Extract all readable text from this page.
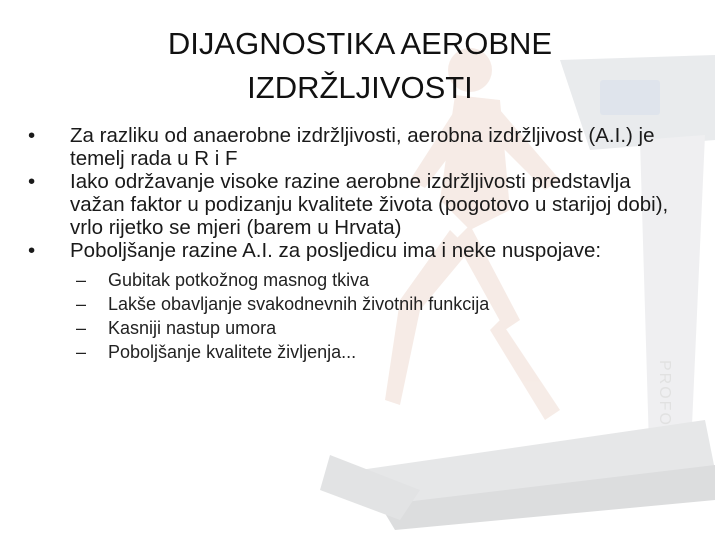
PROFORM
DIJAGNOSTIKA AEROBNE
IZDRŽLJIVOSTI
•	Za razliku od anaerobne izdržljivosti, aerobna izdržljivost (A.I.) je temelj rada u R i F
•	Iako održavanje visoke razine aerobne izdržljivosti predstavlja važan faktor u podizanju kvalitete života (pogotovo u starijoj dobi), vrlo rijetko se mjeri (barem u Hrvata)
•	Poboljšanje razine A.I. za posljedicu ima i neke nuspojave:
– Gubitak potkožnog masnog tkiva
– Lakše obavljanje svakodnevnih životnih funkcija
– Kasniji nastup umora
– Poboljšanje kvalitete življenja...
